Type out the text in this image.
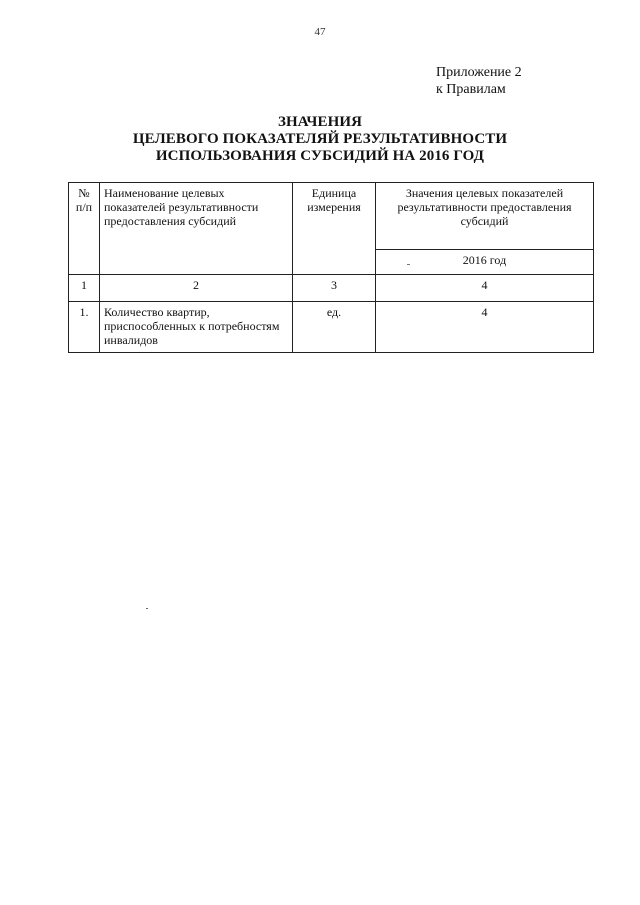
47
Приложение 2
к Правилам
ЗНАЧЕНИЯ
ЦЕЛЕВОГО ПОКАЗАТЕЛЯЙ РЕЗУЛЬТАТИВНОСТИ
ИСПОЛЬЗОВАНИЯ СУБСИДИЙ НА 2016 ГОД
№
п/п	Наименование целевых показателей результативности предоставления субсидий	Единица измерения	Значения целевых показателей результативности предоставления субсидий
			2016 год
1	2	3	4
1.	Количество квартир, приспособленных к потребностям инвалидов	ед.	4
